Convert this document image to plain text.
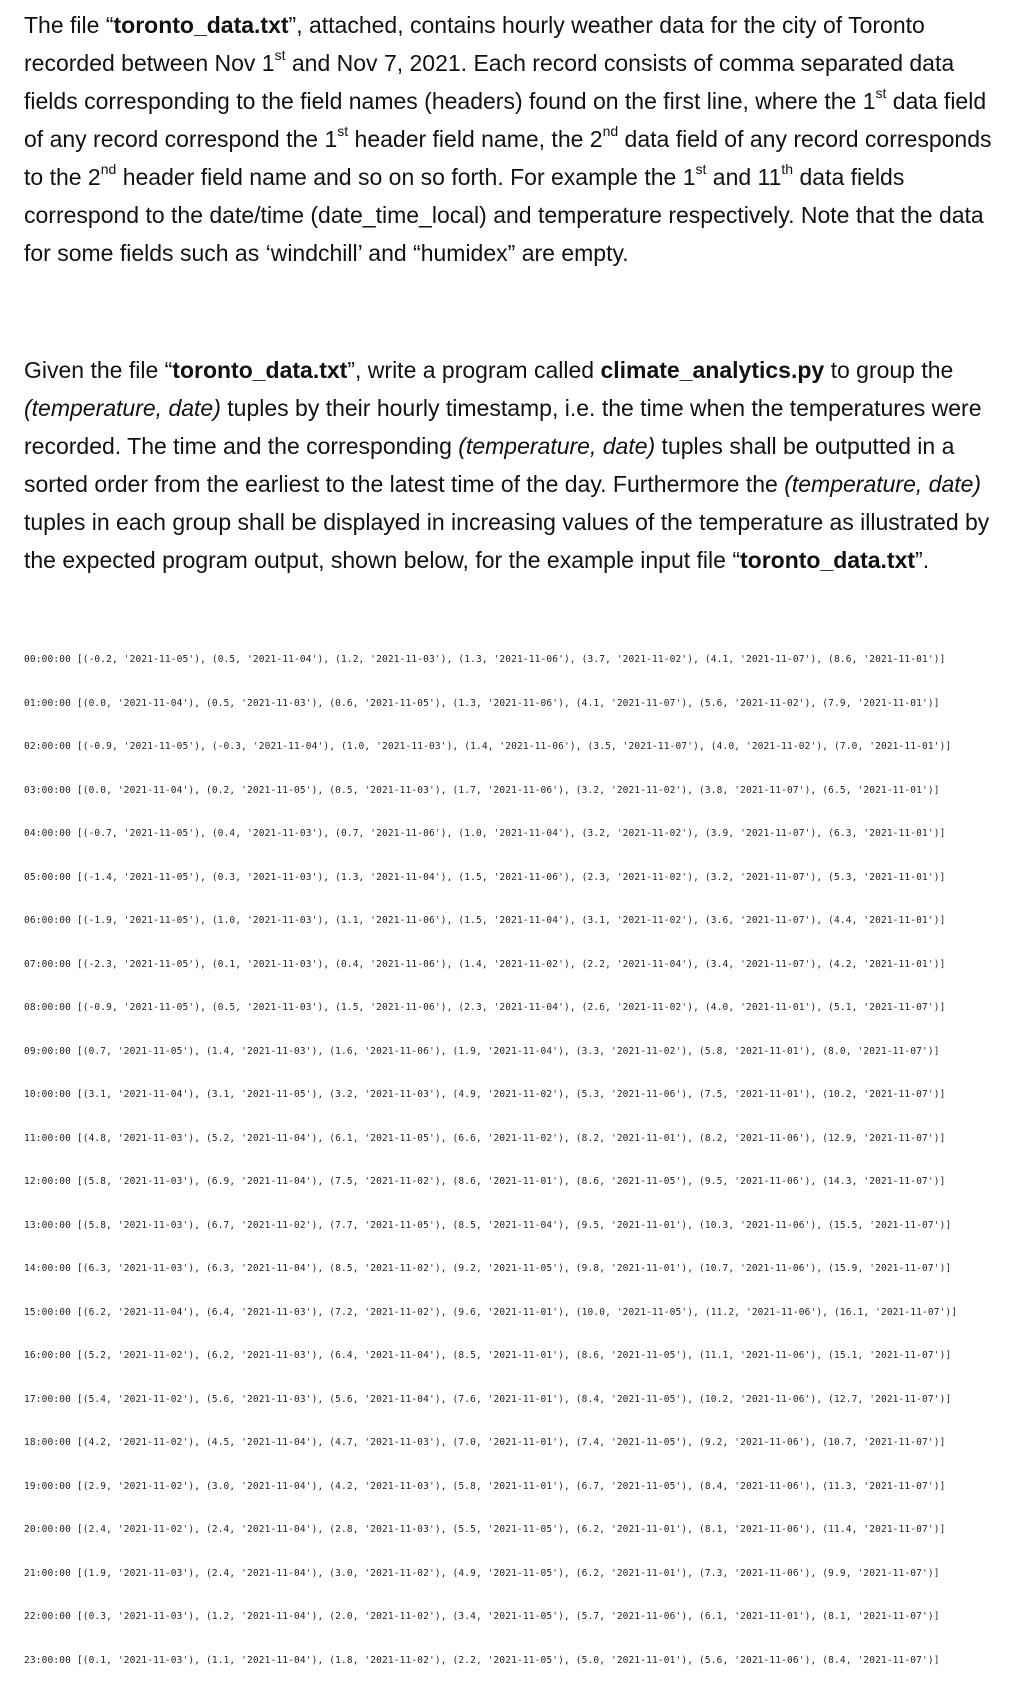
The file “toronto_data.txt”, attached, contains hourly weather data for the city of Toronto recorded between Nov 1st and Nov 7, 2021. Each record consists of comma separated data fields corresponding to the field names (headers) found on the first line, where the 1st data field of any record correspond the 1st header field name, the 2nd data field of any record corresponds to the 2nd header field name and so on so forth. For example the 1st and 11th data fields correspond to the date/time (date_time_local) and temperature respectively. Note that the data for some fields such as ‘windchill’ and “humidex” are empty.

Given the file “toronto_data.txt”, write a program called climate_analytics.py to group the (temperature, date) tuples by their hourly timestamp, i.e. the time when the temperatures were recorded. The time and the corresponding (temperature, date) tuples shall be outputted in a sorted order from the earliest to the latest time of the day. Furthermore the (temperature, date) tuples in each group shall be displayed in increasing values of the temperature as illustrated by the expected program output, shown below, for the example input file “toronto_data.txt”.

00:00:00 [(-0.2, '2021-11-05'), (0.5, '2021-11-04'), (1.2, '2021-11-03'), (1.3, '2021-11-06'), (3.7, '2021-11-02'), (4.1, '2021-11-07'), (8.6, '2021-11-01')]

01:00:00 [(0.0, '2021-11-04'), (0.5, '2021-11-03'), (0.6, '2021-11-05'), (1.3, '2021-11-06'), (4.1, '2021-11-07'), (5.6, '2021-11-02'), (7.9, '2021-11-01')]

02:00:00 [(-0.9, '2021-11-05'), (-0.3, '2021-11-04'), (1.0, '2021-11-03'), (1.4, '2021-11-06'), (3.5, '2021-11-07'), (4.0, '2021-11-02'), (7.0, '2021-11-01')]

03:00:00 [(0.0, '2021-11-04'), (0.2, '2021-11-05'), (0.5, '2021-11-03'), (1.7, '2021-11-06'), (3.2, '2021-11-02'), (3.8, '2021-11-07'), (6.5, '2021-11-01')]

04:00:00 [(-0.7, '2021-11-05'), (0.4, '2021-11-03'), (0.7, '2021-11-06'), (1.0, '2021-11-04'), (3.2, '2021-11-02'), (3.9, '2021-11-07'), (6.3, '2021-11-01')]

05:00:00 [(-1.4, '2021-11-05'), (0.3, '2021-11-03'), (1.3, '2021-11-04'), (1.5, '2021-11-06'), (2.3, '2021-11-02'), (3.2, '2021-11-07'), (5.3, '2021-11-01')]

06:00:00 [(-1.9, '2021-11-05'), (1.0, '2021-11-03'), (1.1, '2021-11-06'), (1.5, '2021-11-04'), (3.1, '2021-11-02'), (3.6, '2021-11-07'), (4.4, '2021-11-01')]

07:00:00 [(-2.3, '2021-11-05'), (0.1, '2021-11-03'), (0.4, '2021-11-06'), (1.4, '2021-11-02'), (2.2, '2021-11-04'), (3.4, '2021-11-07'), (4.2, '2021-11-01')]

08:00:00 [(-0.9, '2021-11-05'), (0.5, '2021-11-03'), (1.5, '2021-11-06'), (2.3, '2021-11-04'), (2.6, '2021-11-02'), (4.0, '2021-11-01'), (5.1, '2021-11-07')]

09:00:00 [(0.7, '2021-11-05'), (1.4, '2021-11-03'), (1.6, '2021-11-06'), (1.9, '2021-11-04'), (3.3, '2021-11-02'), (5.8, '2021-11-01'), (8.0, '2021-11-07')]

10:00:00 [(3.1, '2021-11-04'), (3.1, '2021-11-05'), (3.2, '2021-11-03'), (4.9, '2021-11-02'), (5.3, '2021-11-06'), (7.5, '2021-11-01'), (10.2, '2021-11-07')]

11:00:00 [(4.8, '2021-11-03'), (5.2, '2021-11-04'), (6.1, '2021-11-05'), (6.6, '2021-11-02'), (8.2, '2021-11-01'), (8.2, '2021-11-06'), (12.9, '2021-11-07')]

12:00:00 [(5.8, '2021-11-03'), (6.9, '2021-11-04'), (7.5, '2021-11-02'), (8.6, '2021-11-01'), (8.6, '2021-11-05'), (9.5, '2021-11-06'), (14.3, '2021-11-07')]

13:00:00 [(5.8, '2021-11-03'), (6.7, '2021-11-02'), (7.7, '2021-11-05'), (8.5, '2021-11-04'), (9.5, '2021-11-01'), (10.3, '2021-11-06'), (15.5, '2021-11-07')]

14:00:00 [(6.3, '2021-11-03'), (6.3, '2021-11-04'), (8.5, '2021-11-02'), (9.2, '2021-11-05'), (9.8, '2021-11-01'), (10.7, '2021-11-06'), (15.9, '2021-11-07')]

15:00:00 [(6.2, '2021-11-04'), (6.4, '2021-11-03'), (7.2, '2021-11-02'), (9.6, '2021-11-01'), (10.0, '2021-11-05'), (11.2, '2021-11-06'), (16.1, '2021-11-07')]

16:00:00 [(5.2, '2021-11-02'), (6.2, '2021-11-03'), (6.4, '2021-11-04'), (8.5, '2021-11-01'), (8.6, '2021-11-05'), (11.1, '2021-11-06'), (15.1, '2021-11-07')]

17:00:00 [(5.4, '2021-11-02'), (5.6, '2021-11-03'), (5.6, '2021-11-04'), (7.6, '2021-11-01'), (8.4, '2021-11-05'), (10.2, '2021-11-06'), (12.7, '2021-11-07')]

18:00:00 [(4.2, '2021-11-02'), (4.5, '2021-11-04'), (4.7, '2021-11-03'), (7.0, '2021-11-01'), (7.4, '2021-11-05'), (9.2, '2021-11-06'), (10.7, '2021-11-07')]

19:00:00 [(2.9, '2021-11-02'), (3.0, '2021-11-04'), (4.2, '2021-11-03'), (5.8, '2021-11-01'), (6.7, '2021-11-05'), (8.4, '2021-11-06'), (11.3, '2021-11-07')]

20:00:00 [(2.4, '2021-11-02'), (2.4, '2021-11-04'), (2.8, '2021-11-03'), (5.5, '2021-11-05'), (6.2, '2021-11-01'), (8.1, '2021-11-06'), (11.4, '2021-11-07')]

21:00:00 [(1.9, '2021-11-03'), (2.4, '2021-11-04'), (3.0, '2021-11-02'), (4.9, '2021-11-05'), (6.2, '2021-11-01'), (7.3, '2021-11-06'), (9.9, '2021-11-07')]

22:00:00 [(0.3, '2021-11-03'), (1.2, '2021-11-04'), (2.0, '2021-11-02'), (3.4, '2021-11-05'), (5.7, '2021-11-06'), (6.1, '2021-11-01'), (8.1, '2021-11-07')]

23:00:00 [(0.1, '2021-11-03'), (1.1, '2021-11-04'), (1.8, '2021-11-02'), (2.2, '2021-11-05'), (5.0, '2021-11-01'), (5.6, '2021-11-06'), (8.4, '2021-11-07')]
